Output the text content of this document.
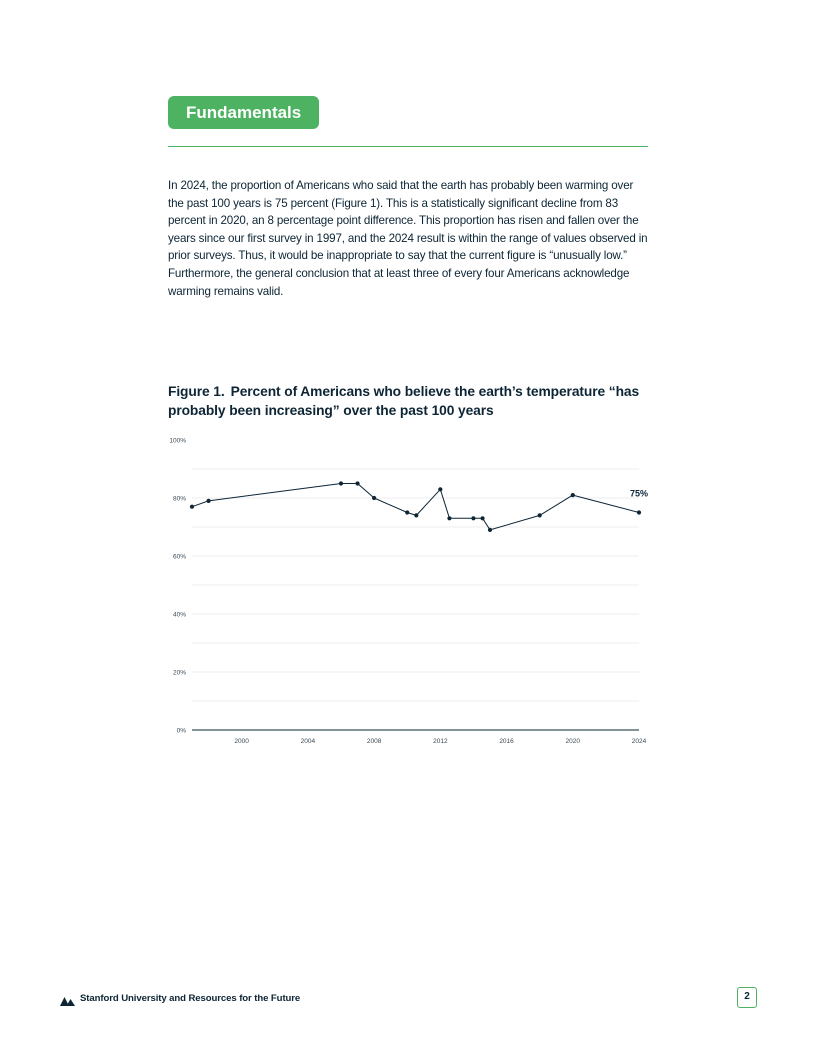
Fundamentals

In 2024, the proportion of Americans who said that the earth has probably been warming over the past 100 years is 75 percent (Figure 1). This is a statistically significant decline from 83 percent in 2020, an 8 percentage point difference. This proportion has risen and fallen over the years since our first survey in 1997, and the 2024 result is within the range of values observed in prior surveys. Thus, it would be inappropriate to say that the current figure is “unusually low.” Furthermore, the general conclusion that at least three of every four Americans acknowledge warming remains valid.

Figure 1. Percent of Americans who believe the earth’s temperature “has probably been increasing” over the past 100 years
0%
20%
40%
60%
80%
100%
2000	2004	2008	2012	2016	2020	2024
75%
Stanford University and Resources for the Future	2
